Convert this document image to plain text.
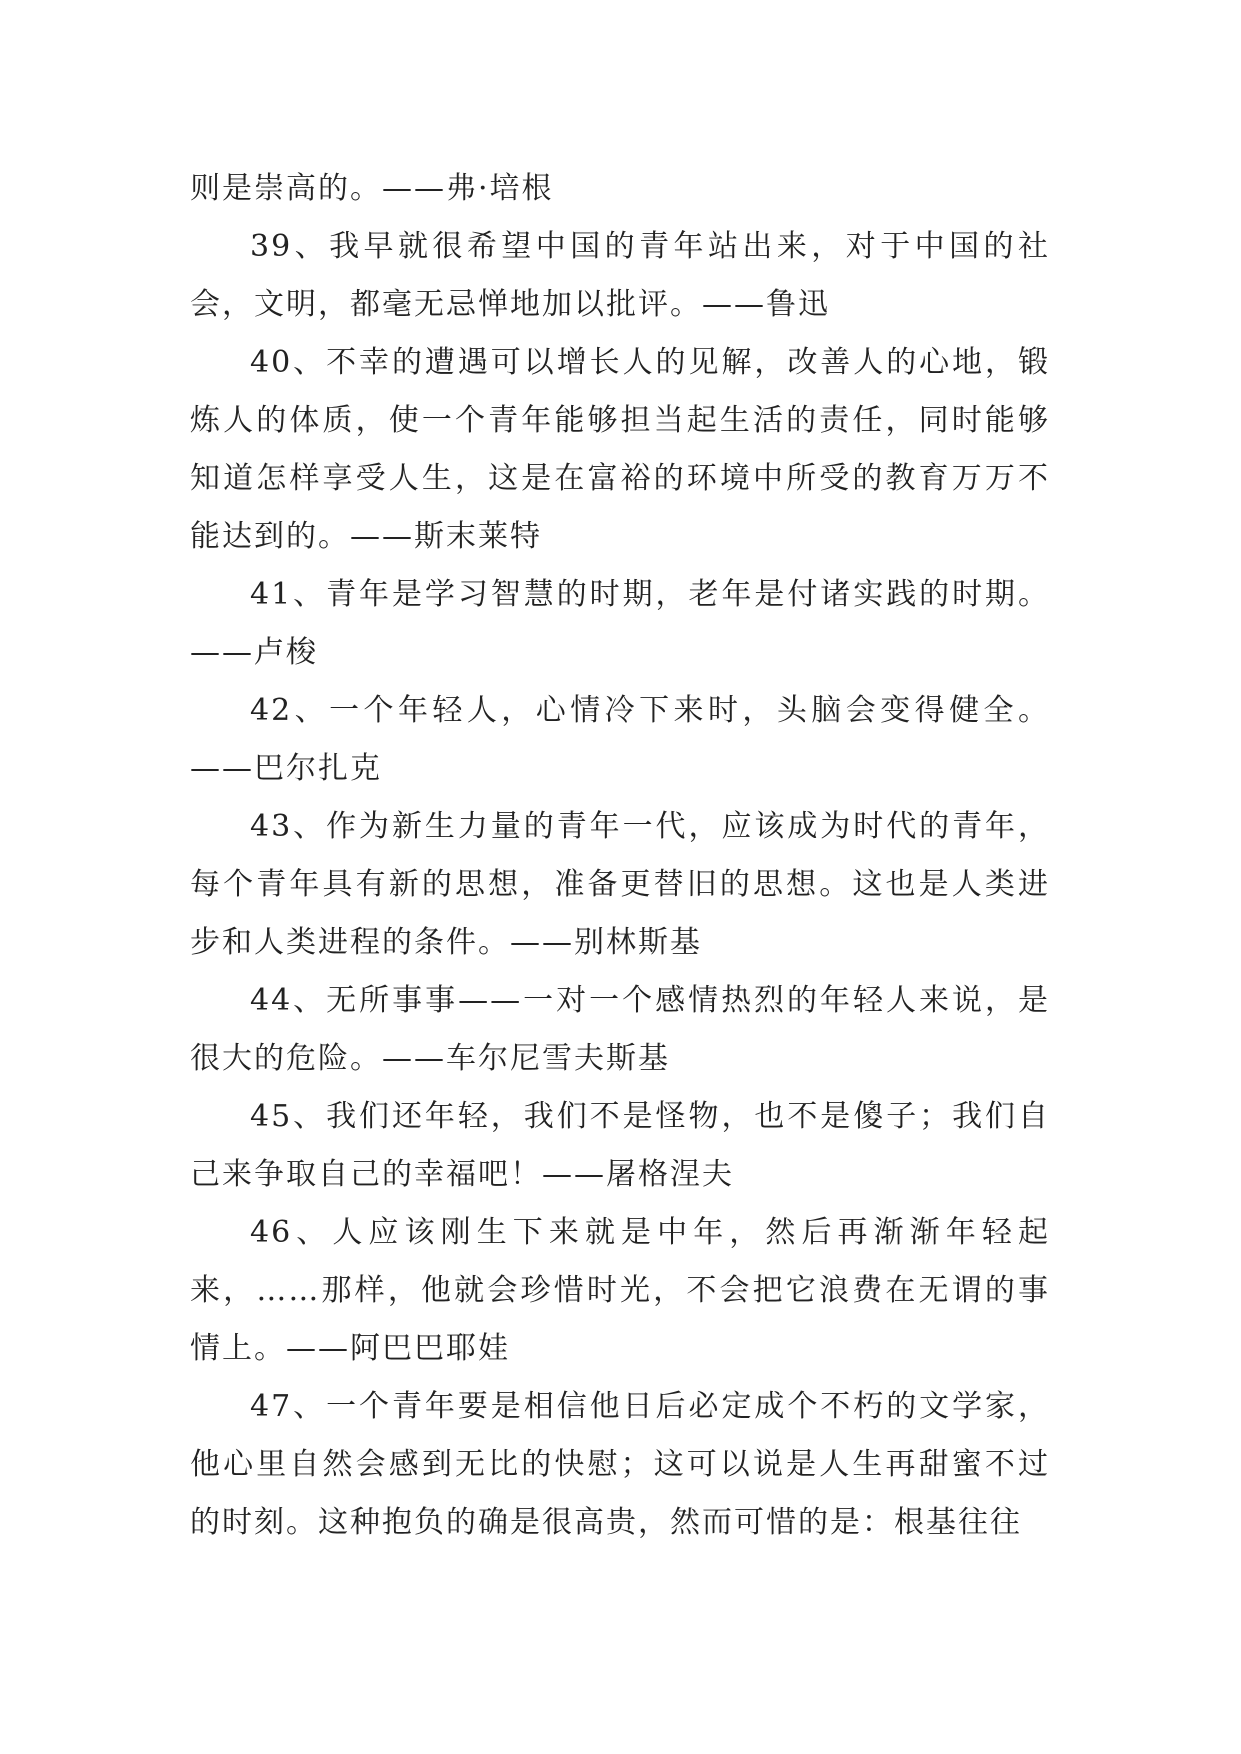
则是崇高的。——弗·培根

39、我早就很希望中国的青年站出来，对于中国的社会，文明，都毫无忌惮地加以批评。——鲁迅

40、不幸的遭遇可以增长人的见解，改善人的心地，锻炼人的体质，使一个青年能够担当起生活的责任，同时能够知道怎样享受人生，这是在富裕的环境中所受的教育万万不能达到的。——斯末莱特

41、青年是学习智慧的时期，老年是付诸实践的时期。——卢梭

42、一个年轻人，心情冷下来时，头脑会变得健全。——巴尔扎克

43、作为新生力量的青年一代，应该成为时代的青年，每个青年具有新的思想，准备更替旧的思想。这也是人类进步和人类进程的条件。——别林斯基

44、无所事事——一对一个感情热烈的年轻人来说，是很大的危险。——车尔尼雪夫斯基

45、我们还年轻，我们不是怪物，也不是傻子；我们自己来争取自己的幸福吧！——屠格涅夫

46、人应该刚生下来就是中年，然后再渐渐年轻起来，……那样，他就会珍惜时光，不会把它浪费在无谓的事情上。——阿巴巴耶娃

47、一个青年要是相信他日后必定成个不朽的文学家，他心里自然会感到无比的快慰；这可以说是人生再甜蜜不过的时刻。这种抱负的确是很高贵，然而可惜的是：根基往往
